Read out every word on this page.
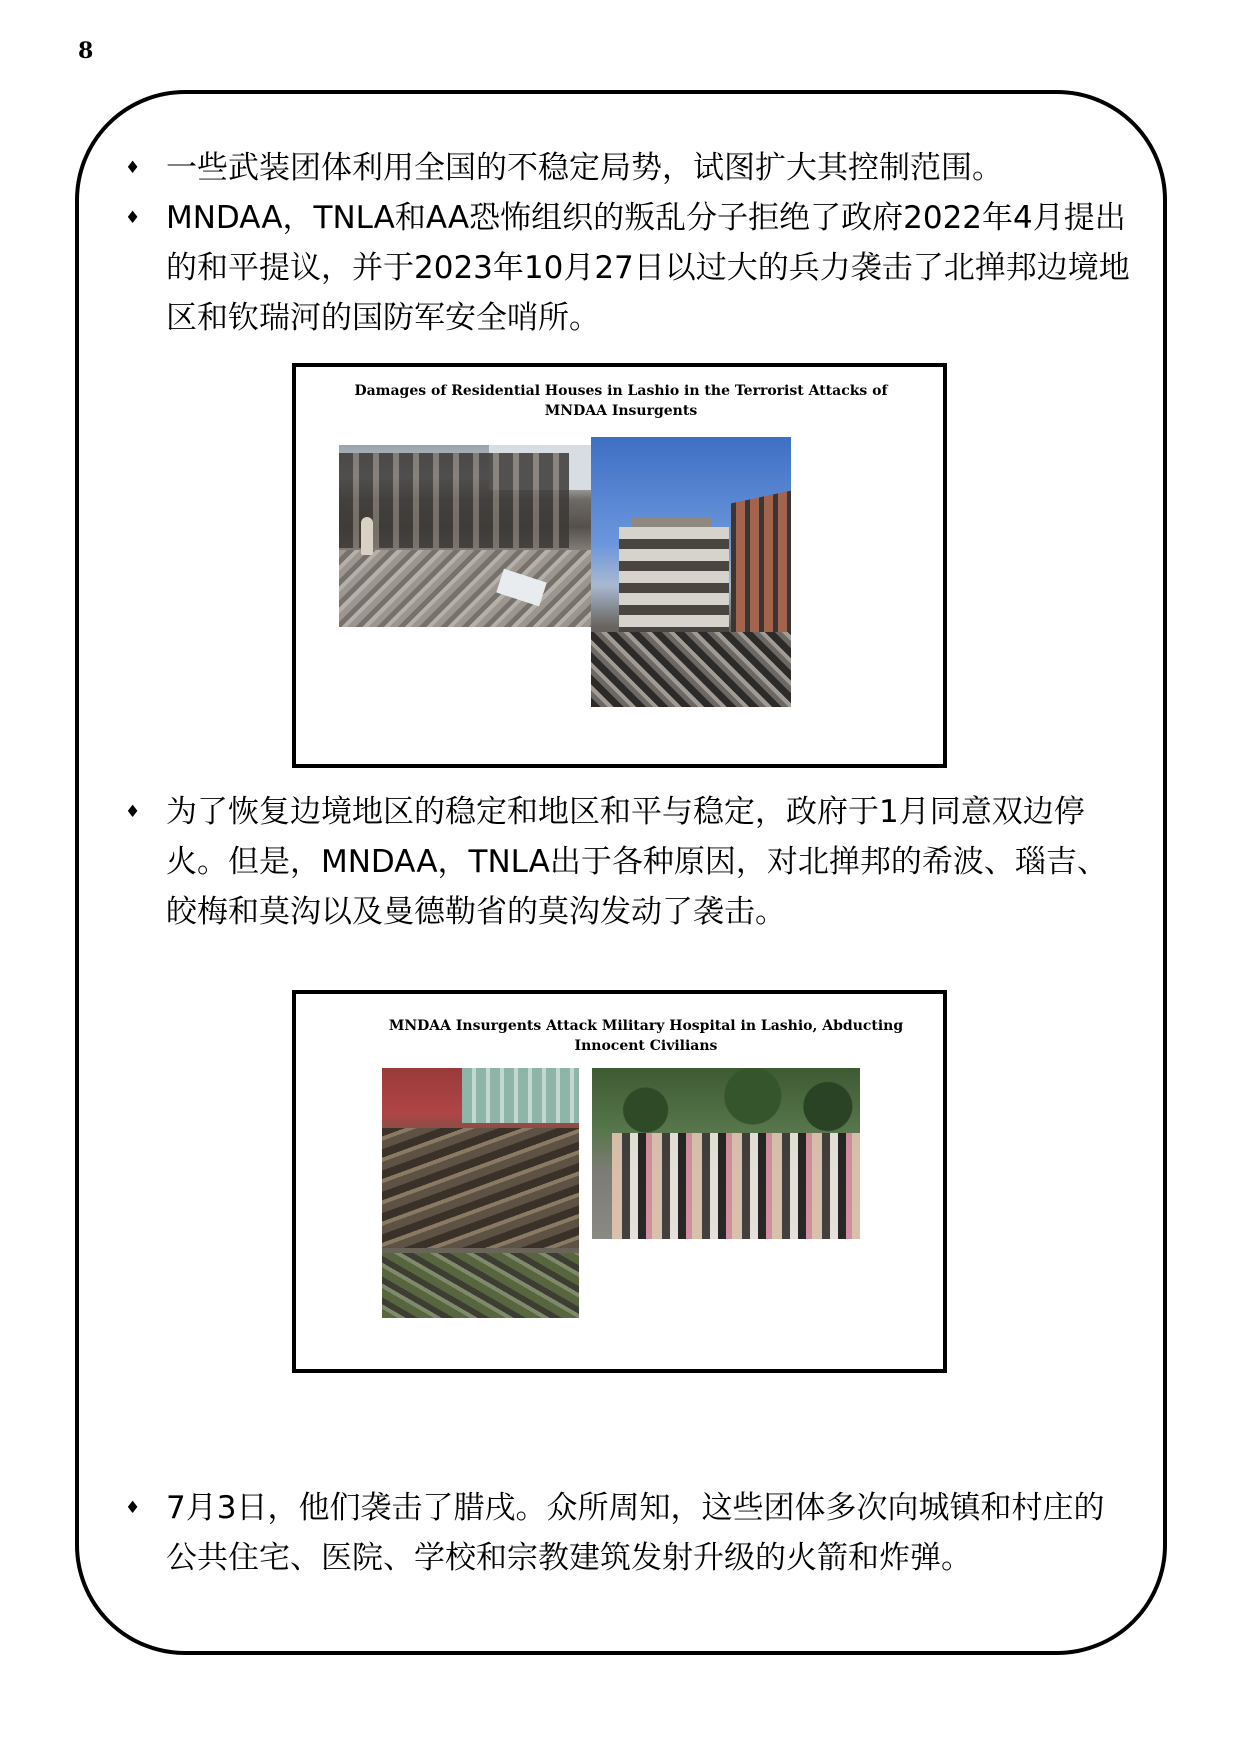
8
♦ 一些武装团体利用全国的不稳定局势，试图扩大其控制范围。
♦ MNDAA，TNLA和AA恐怖组织的叛乱分子拒绝了政府2022年4月提出的和平提议，并于2023年10月27日以过大的兵力袭击了北掸邦边境地区和钦瑞河的国防军安全哨所。
Damages of Residential Houses in Lashio in the Terrorist Attacks of MNDAA Insurgents
♦ 为了恢复边境地区的稳定和地区和平与稳定，政府于1月同意双边停火。但是，MNDAA，TNLA出于各种原因，对北掸邦的希波、瑙吉、皎梅和莫沟以及曼德勒省的莫沟发动了袭击。
MNDAA Insurgents Attack Military Hospital in Lashio, Abducting Innocent Civilians
♦ 7月3日，他们袭击了腊戌。众所周知，这些团体多次向城镇和村庄的公共住宅、医院、学校和宗教建筑发射升级的火箭和炸弹。
